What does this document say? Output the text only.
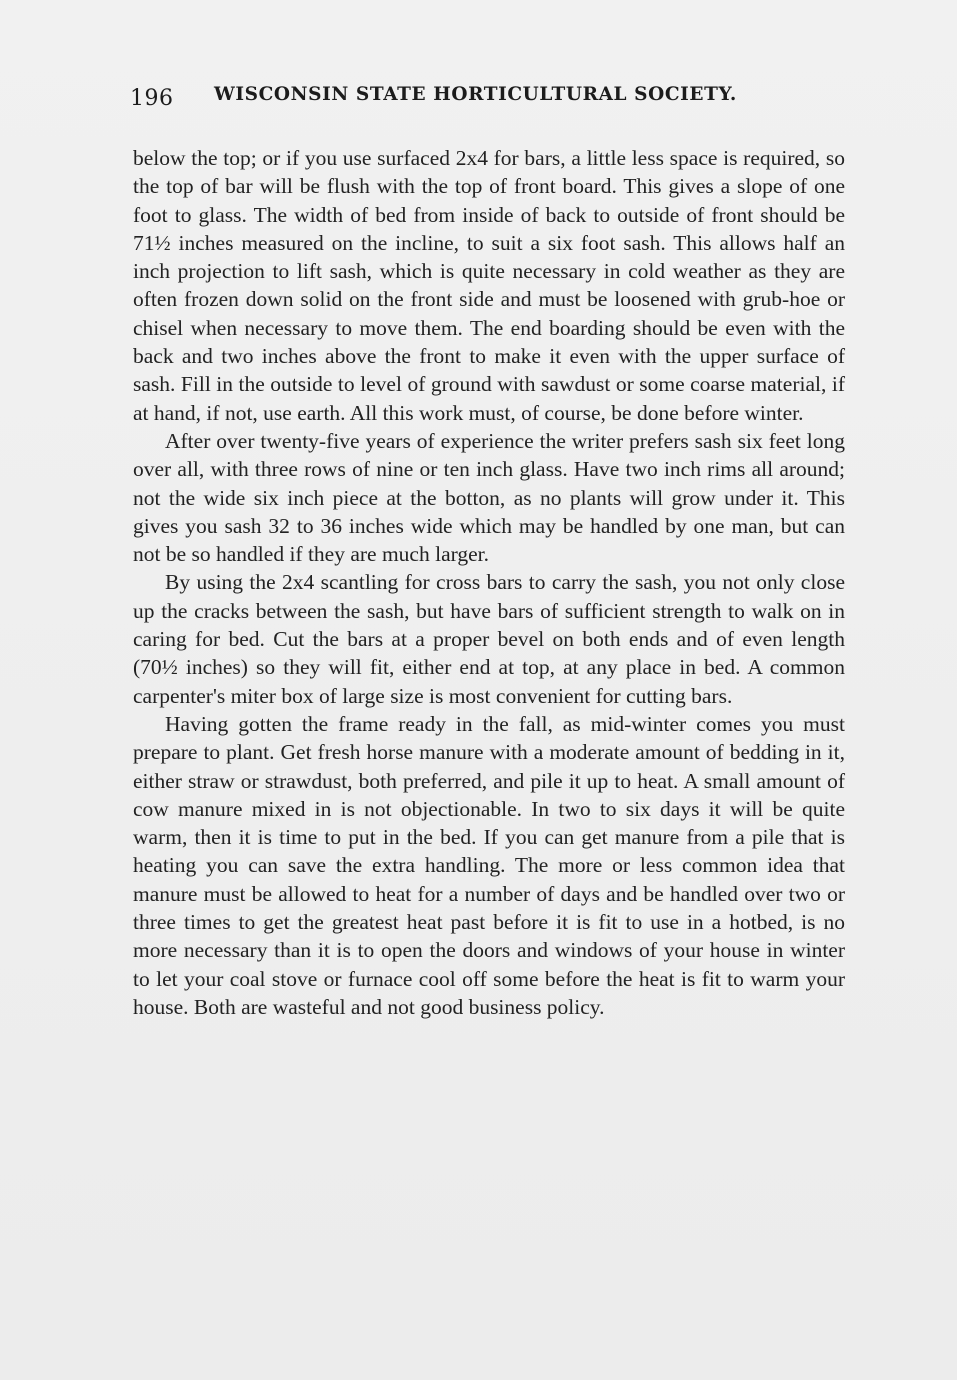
196 WISCONSIN STATE HORTICULTURAL SOCIETY.

below the top; or if you use surfaced 2x4 for bars, a little less space is required, so the top of bar will be flush with the top of front board. This gives a slope of one foot to glass. The width of bed from inside of back to outside of front should be 71½ inches measured on the incline, to suit a six foot sash. This allows half an inch projection to lift sash, which is quite necessary in cold weather as they are often frozen down solid on the front side and must be loosened with grub-hoe or chisel when necessary to move them. The end boarding should be even with the back and two inches above the front to make it even with the upper surface of sash. Fill in the outside to level of ground with sawdust or some coarse material, if at hand, if not, use earth. All this work must, of course, be done before winter.

After over twenty-five years of experience the writer prefers sash six feet long over all, with three rows of nine or ten inch glass. Have two inch rims all around; not the wide six inch piece at the botton, as no plants will grow under it. This gives you sash 32 to 36 inches wide which may be handled by one man, but can not be so handled if they are much larger.

By using the 2x4 scantling for cross bars to carry the sash, you not only close up the cracks between the sash, but have bars of sufficient strength to walk on in caring for bed. Cut the bars at a proper bevel on both ends and of even length (70½ inches) so they will fit, either end at top, at any place in bed. A common carpenter's miter box of large size is most convenient for cutting bars.

Having gotten the frame ready in the fall, as mid-winter comes you must prepare to plant. Get fresh horse manure with a moderate amount of bedding in it, either straw or strawdust, both preferred, and pile it up to heat. A small amount of cow manure mixed in is not objectionable. In two to six days it will be quite warm, then it is time to put in the bed. If you can get manure from a pile that is heating you can save the extra handling. The more or less common idea that manure must be allowed to heat for a number of days and be handled over two or three times to get the greatest heat past before it is fit to use in a hotbed, is no more necessary than it is to open the doors and windows of your house in winter to let your coal stove or furnace cool off some before the heat is fit to warm your house. Both are wasteful and not good business policy.
